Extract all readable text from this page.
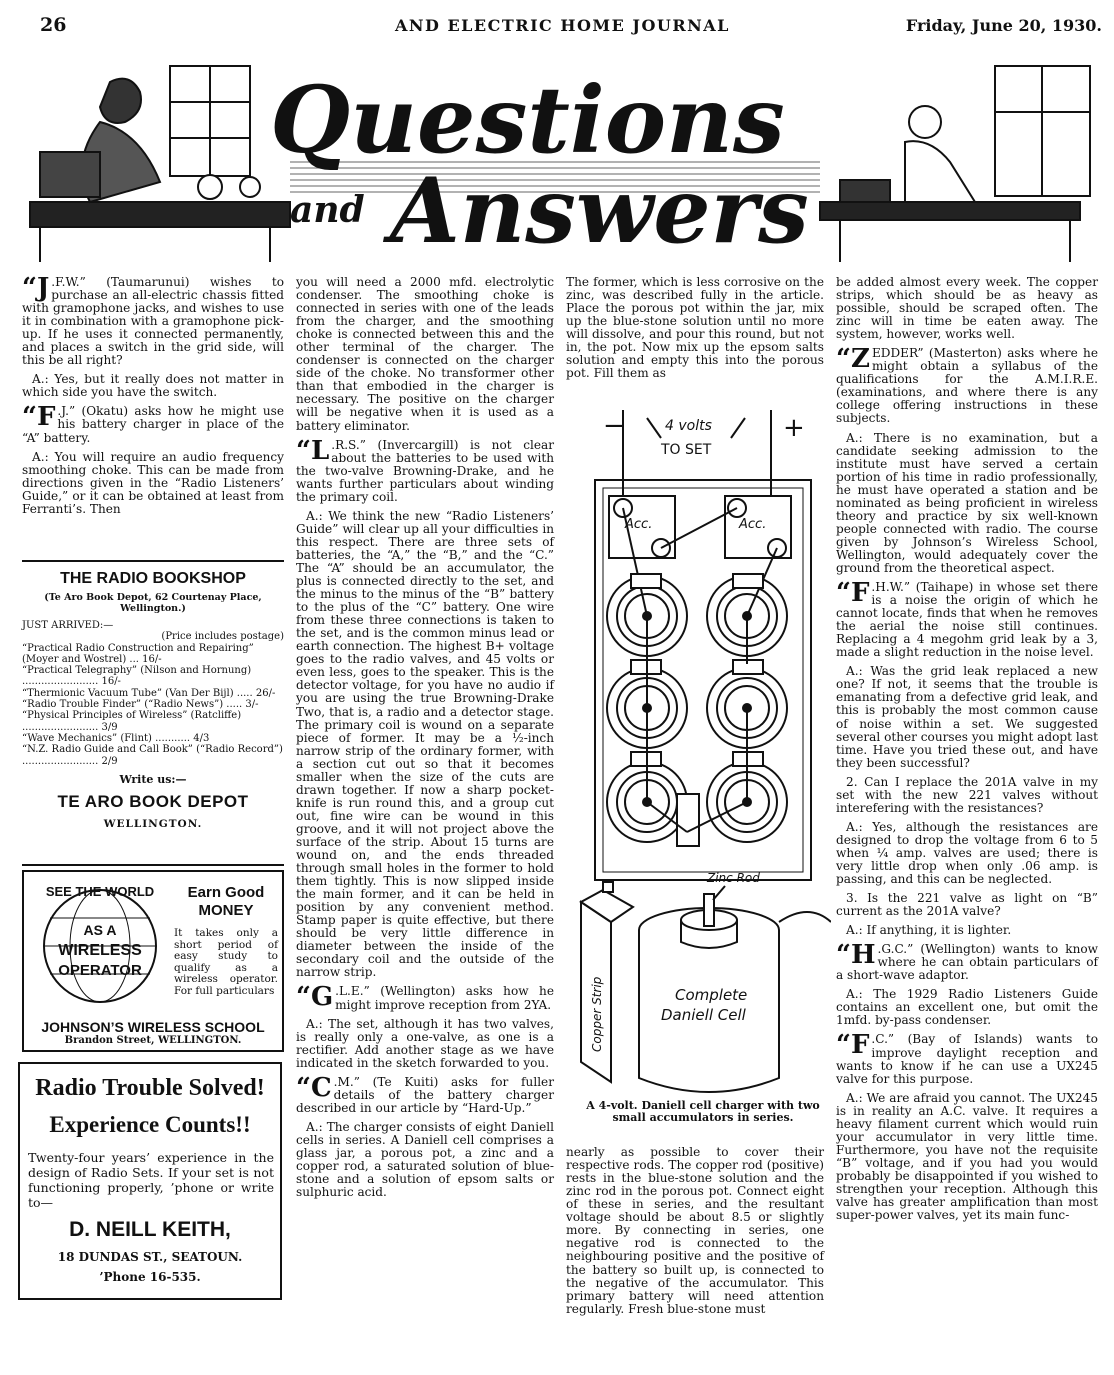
26	AND ELECTRIC HOME JOURNAL	Friday, June 20, 1930.
Questions
and Answers

“J .F.W.” (Taumarunui) wishes to purchase an all-electric chassis fitted with gramophone jacks, and wishes to use it in combination with a gramophone pick-up. If he uses it connected permanently, and places a switch in the grid side, will this be all right?

A.: Yes, but it really does not matter in which side you have the switch.

“F .J.” (Okatu) asks how he might use his battery charger in place of the “A” battery.

A.: You will require an audio frequency smoothing choke. This can be made from directions given in the “Radio Listeners’ Guide,” or it can be obtained at least from Ferranti’s. Then

THE RADIO BOOKSHOP
(Te Aro Book Depot, 62 Courtenay Place, Wellington.)
JUST ARRIVED:—
(Price includes postage)
“Practical Radio Construction and Repairing” (Moyer and Wostrel) ... 16/-
“Practical Telegraphy” (Nilson and Hornung) ........................ 16/-
“Thermionic Vacuum Tube” (Van Der Bijl) ..... 26/-
“Radio Trouble Finder” (“Radio News”) ..... 3/-
“Physical Principles of Wireless” (Ratcliffe) ........................ 3/9
“Wave Mechanics” (Flint) ........... 4/3
“N.Z. Radio Guide and Call Book” (“Radio Record”) ........................ 2/9
Write us:—
TE ARO BOOK DEPOT
WELLINGTON.
SEE THE WORLD
AS A
WIRELESS
OPERATOR
Earn Good MONEY
It takes only a short period of easy study to qualify as a wireless operator. For full particulars
JOHNSON’S WIRELESS SCHOOL
Brandon Street, WELLINGTON.
Radio Trouble Solved!
Experience Counts!!
Twenty-four years’ experience in the design of Radio Sets. If your set is not functioning properly, ’phone or write to—
D. NEILL KEITH,
18 DUNDAS ST., SEATOUN.
’Phone 16-535.

you will need a 2000 mfd. electrolytic condenser. The smoothing choke is connected in series with one of the leads from the charger, and the smoothing choke is connected between this and the other terminal of the charger. The condenser is connected on the charger side of the choke. No transformer other than that embodied in the charger is necessary. The positive on the charger will be negative when it is used as a battery eliminator.

“L .R.S.” (Invercargill) is not clear about the batteries to be used with the two-valve Browning-Drake, and he wants further particulars about winding the primary coil.

A.: We think the new “Radio Listeners’ Guide” will clear up all your difficulties in this respect. There are three sets of batteries, the “A,” the “B,” and the “C.” The “A” should be an accumulator, the plus is connected directly to the set, and the minus to the minus of the “B” battery to the plus of the “C” battery. One wire from these three connections is taken to the set, and is the common minus lead or earth connection. The highest B+ voltage goes to the radio valves, and 45 volts or even less, goes to the speaker. This is the detector voltage, for you have no audio if you are using the true Browning-Drake Two, that is, a radio and a detector stage. The primary coil is wound on a separate piece of former. It may be a ½-inch narrow strip of the ordinary former, with a section cut out so that it becomes smaller when the size of the cuts are drawn together. If now a sharp pocket-knife is run round this, and a group cut out, fine wire can be wound in this groove, and it will not project above the surface of the strip. About 15 turns are wound on, and the ends threaded through small holes in the former to hold them tightly. This is now slipped inside the main former, and it can be held in position by any convenient method. Stamp paper is quite effective, but there should be very little difference in diameter between the inside of the secondary coil and the outside of the narrow strip.

“G .L.E.” (Wellington) asks how he might improve reception from 2YA.

A.: The set, although it has two valves, is really only a one-valve, as one is a rectifier. Add another stage as we have indicated in the sketch forwarded to you.

“C .M.” (Te Kuiti) asks for fuller details of the battery charger described in our article by “Hard-Up.”

A.: The charger consists of eight Daniell cells in series. A Daniell cell comprises a glass jar, a porous pot, a zinc and a copper rod, a saturated solution of blue-stone and a solution of epsom salts or sulphuric acid.

The former, which is less corrosive on the zinc, was described fully in the article. Place the porous pot within the jar, mix up the blue-stone solution until no more will dissolve, and pour this round, but not in, the pot. Now mix up the epsom salts solution and empty this into the porous pot. Fill them as

−	+
4 volts
TO SET
Acc.	Acc.
Zinc Rod
Copper Strip	Complete
Daniell Cell
A 4-volt. Daniell cell charger with two small accumulators in series.

nearly as possible to cover their respective rods. The copper rod (positive) rests in the blue-stone solution and the zinc rod in the porous pot. Connect eight of these in series, and the resultant voltage should be about 8.5 or slightly more. By connecting in series, one negative rod is connected to the neighbouring positive and the positive of the battery so built up, is connected to the negative of the accumulator. This primary battery will need attention regularly. Fresh blue-stone must

be added almost every week. The copper strips, which should be as heavy as possible, should be scraped often. The zinc will in time be eaten away. The system, however, works well.

“ZEDDER” (Masterton) asks where he might obtain a syllabus of the qualifications for the A.M.I.R.E. (examinations, and where there is any college offering instructions in these subjects.

A.: There is no examination, but a candidate seeking admission to the institute must have served a certain portion of his time in radio professionally, he must have operated a station and be nominated as being proficient in wireless theory and practice by six well-known people connected with radio. The course given by Johnson’s Wireless School, Wellington, would adequately cover the ground from the theoretical aspect.

“F .H.W.” (Taihape) in whose set there is a noise the origin of which he cannot locate, finds that when he removes the aerial the noise still continues. Replacing a 4 megohm grid leak by a 3, made a slight reduction in the noise level.

A.: Was the grid leak replaced a new one? If not, it seems that the trouble is emanating from a defective grid leak, and this is probably the most common cause of noise within a set. We suggested several other courses you might adopt last time. Have you tried these out, and have they been successful?

2. Can I replace the 201A valve in my set with the new 221 valves without interefering with the resistances?

A.: Yes, although the resistances are designed to drop the voltage from 6 to 5 when ¼ amp. valves are used; there is very little drop when only .06 amp. is passing, and this can be neglected.

3. Is the 221 valve as light on “B” current as the 201A valve?

A.: If anything, it is lighter.

“H .G.C.” (Wellington) wants to know where he can obtain particulars of a short-wave adaptor.

A.: The 1929 Radio Listeners Guide contains an excellent one, but omit the 1mfd. by-pass condenser.

“F .C.” (Bay of Islands) wants to improve daylight reception and wants to know if he can use a UX245 valve for this purpose.

A.: We are afraid you cannot. The UX245 is in reality an A.C. valve. It requires a heavy filament current which would ruin your accumulator in very little time. Furthermore, you have not the requisite “B” voltage, and if you had you would probably be disappointed if you wished to strengthen your reception. Although this valve has greater amplification than most super-power valves, yet its main func-
